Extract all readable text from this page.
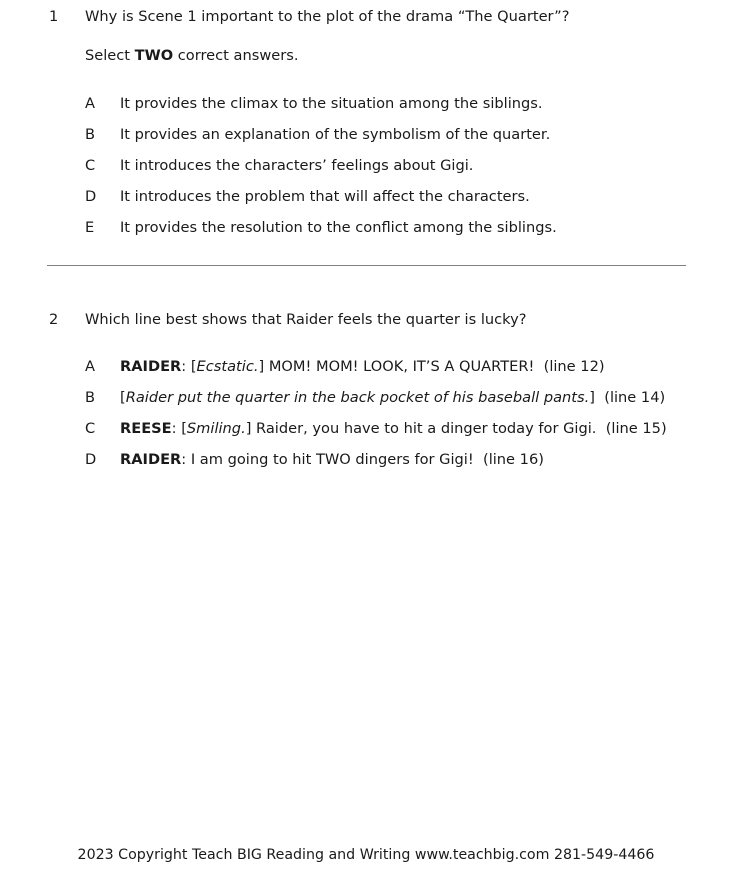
1	Why is Scene 1 important to the plot of the drama “The Quarter”?
Select TWO correct answers.
A	It provides the climax to the situation among the siblings.
B	It provides an explanation of the symbolism of the quarter.
C	It introduces the characters’ feelings about Gigi.
D	It introduces the problem that will affect the characters.
E	It provides the resolution to the conflict among the siblings.
2	Which line best shows that Raider feels the quarter is lucky?
A	RAIDER: [Ecstatic.] MOM! MOM! LOOK, IT’S A QUARTER!  (line 12)
B	[Raider put the quarter in the back pocket of his baseball pants.]  (line 14)
C	REESE: [Smiling.] Raider, you have to hit a dinger today for Gigi.  (line 15)
D	RAIDER: I am going to hit TWO dingers for Gigi!  (line 16)
2023 Copyright Teach BIG Reading and Writing www.teachbig.com 281-549-4466
